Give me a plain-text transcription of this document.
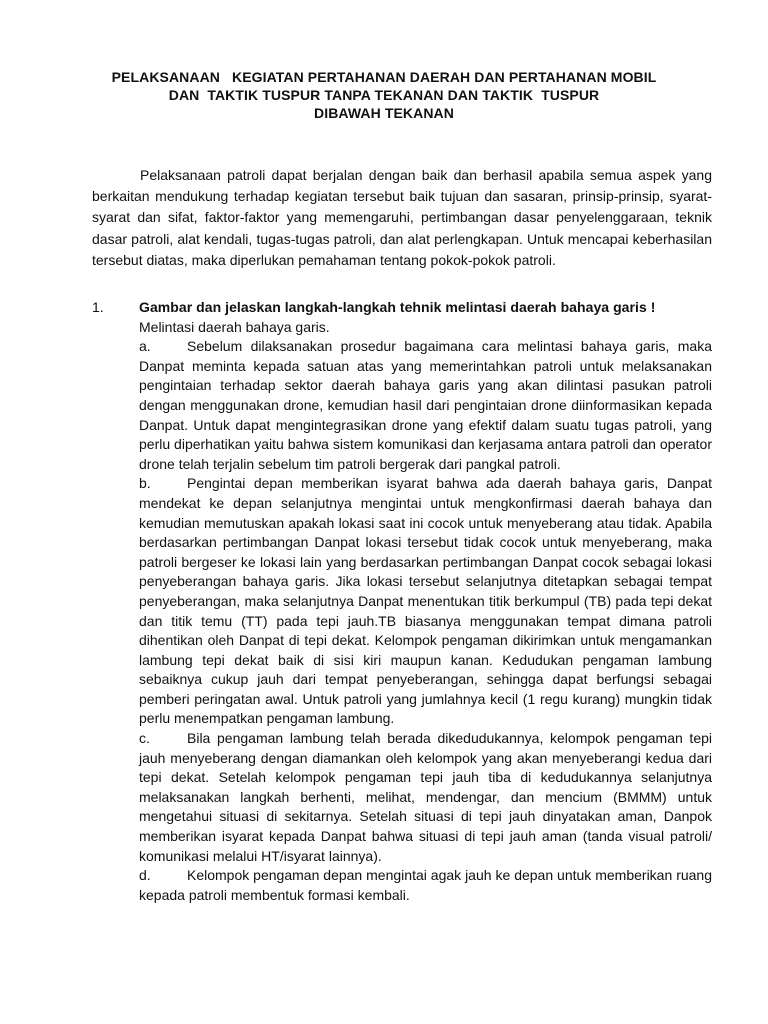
PELAKSANAAN   KEGIATAN PERTAHANAN DAERAH DAN PERTAHANAN MOBIL
DAN  TAKTIK TUSPUR TANPA TEKANAN DAN TAKTIK  TUSPUR
DIBAWAH TEKANAN

Pelaksanaan patroli dapat berjalan dengan baik dan berhasil apabila semua aspek yang berkaitan mendukung terhadap kegiatan tersebut baik tujuan dan sasaran, prinsip-prinsip, syarat-syarat dan sifat, faktor-faktor yang memengaruhi, pertimbangan dasar penyelenggaraan, teknik dasar patroli, alat kendali, tugas-tugas patroli, dan alat perlengkapan. Untuk mencapai keberhasilan tersebut diatas, maka diperlukan pemahaman tentang pokok-pokok patroli.

1.	Gambar dan jelaskan langkah-langkah tehnik melintasi daerah bahaya garis !

Melintasi daerah bahaya garis.

a.	Sebelum dilaksanakan prosedur bagaimana cara melintasi bahaya garis, maka Danpat meminta kepada satuan atas yang memerintahkan patroli untuk melaksanakan pengintaian terhadap sektor daerah bahaya garis yang akan dilintasi pasukan patroli dengan menggunakan drone, kemudian hasil dari pengintaian drone diinformasikan kepada Danpat. Untuk dapat mengintegrasikan drone yang efektif dalam suatu tugas patroli, yang perlu diperhatikan yaitu bahwa sistem komunikasi dan kerjasama antara patroli dan operator drone telah terjalin sebelum tim patroli bergerak dari pangkal patroli.

b.	Pengintai depan memberikan isyarat bahwa ada daerah bahaya garis, Danpat mendekat ke depan selanjutnya mengintai untuk mengkonfirmasi daerah bahaya dan kemudian memutuskan apakah lokasi saat ini cocok untuk menyeberang atau tidak. Apabila berdasarkan pertimbangan Danpat lokasi tersebut tidak cocok untuk menyeberang, maka patroli bergeser ke lokasi lain yang berdasarkan pertimbangan Danpat cocok sebagai lokasi penyeberangan bahaya garis. Jika lokasi tersebut selanjutnya ditetapkan sebagai tempat penyeberangan, maka selanjutnya Danpat menentukan titik berkumpul (TB) pada tepi dekat dan titik temu (TT) pada tepi jauh.TB biasanya menggunakan tempat dimana patroli dihentikan oleh Danpat di tepi dekat. Kelompok pengaman dikirimkan untuk mengamankan lambung tepi dekat baik di sisi kiri maupun kanan. Kedudukan pengaman lambung sebaiknya cukup jauh dari tempat penyeberangan, sehingga dapat berfungsi sebagai pemberi peringatan awal. Untuk patroli yang jumlahnya kecil (1 regu kurang) mungkin tidak perlu menempatkan pengaman lambung.

c.	Bila pengaman lambung telah berada dikedudukannya, kelompok pengaman tepi jauh menyeberang dengan diamankan oleh kelompok yang akan menyeberangi kedua dari tepi dekat. Setelah kelompok pengaman tepi jauh tiba di kedudukannya selanjutnya melaksanakan langkah berhenti, melihat, mendengar, dan mencium (BMMM) untuk mengetahui situasi di sekitarnya. Setelah situasi di tepi jauh dinyatakan aman, Danpok memberikan isyarat kepada Danpat bahwa situasi di tepi jauh aman (tanda visual patroli/ komunikasi melalui HT/isyarat lainnya).

d.	Kelompok pengaman depan mengintai agak jauh ke depan untuk memberikan ruang kepada patroli membentuk formasi kembali.
